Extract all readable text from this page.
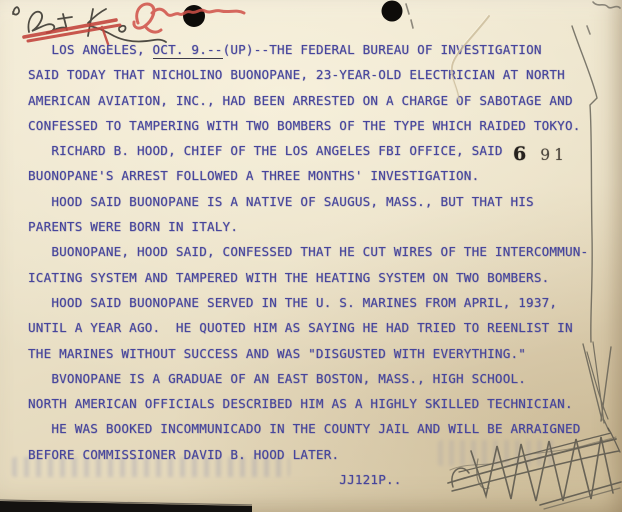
LOS ANGELES, OCT. 9.--(UP)--THE FEDERAL BUREAU OF INVESTIGATION
SAID TODAY THAT NICHOLINO BUONOPANE, 23-YEAR-OLD ELECTRICIAN AT NORTH
AMERICAN AVIATION, INC., HAD BEEN ARRESTED ON A CHARGE OF SABOTAGE AND
CONFESSED TO TAMPERING WITH TWO BOMBERS OF THE TYPE WHICH RAIDED TOKYO.
RICHARD B. HOOD, CHIEF OF THE LOS ANGELES FBI OFFICE, SAID
BUONOPANE'S ARREST FOLLOWED A THREE MONTHS' INVESTIGATION.
HOOD SAID BUONOPANE IS A NATIVE OF SAUGUS, MASS., BUT THAT HIS
PARENTS WERE BORN IN ITALY.
BUONOPANE, HOOD SAID, CONFESSED THAT HE CUT WIRES OF THE INTERCOMMUN-
ICATING SYSTEM AND TAMPERED WITH THE HEATING SYSTEM ON TWO BOMBERS.
HOOD SAID BUONOPANE SERVED IN THE U. S. MARINES FROM APRIL, 1937,
UNTIL A YEAR AGO.  HE QUOTED HIM AS SAYING HE HAD TRIED TO REENLIST IN
THE MARINES WITHOUT SUCCESS AND WAS "DISGUSTED WITH EVERYTHING."
BVONOPANE IS A GRADUAE OF AN EAST BOSTON, MASS., HIGH SCHOOL.
NORTH AMERICAN OFFICIALS DESCRIBED HIM AS A HIGHLY SKILLED TECHNICIAN.
HE WAS BOOKED INCOMMUNICADO IN THE COUNTY JAIL AND WILL BE ARRAIGNED
BEFORE COMMISSIONER DAVID B. HOOD LATER.
JJ121P..
6 91
